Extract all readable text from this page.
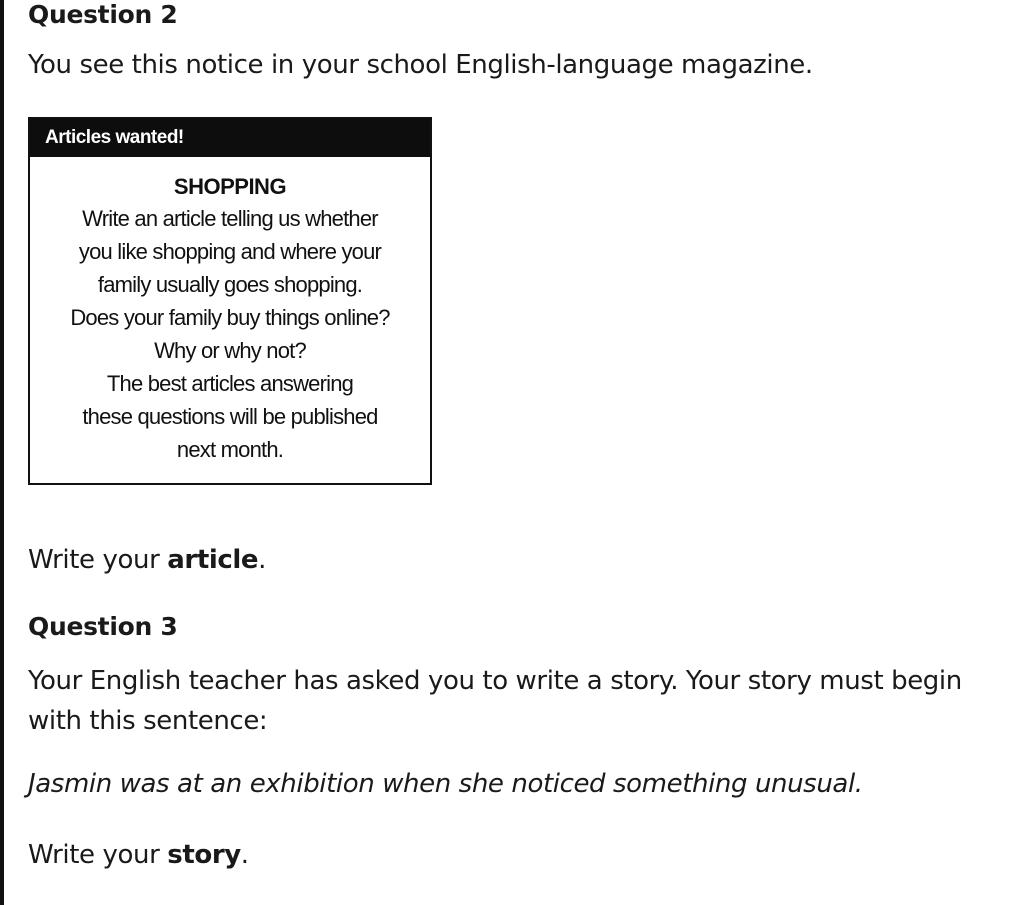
Question 2

You see this notice in your school English-language magazine.

Articles wanted!
SHOPPING
Write an article telling us whether
you like shopping and where your
family usually goes shopping.
Does your family buy things online?
Why or why not?
The best articles answering
these questions will be published
next month.

Write your article.

Question 3

Your English teacher has asked you to write a story. Your story must begin
with this sentence:

Jasmin was at an exhibition when she noticed something unusual.

Write your story.
